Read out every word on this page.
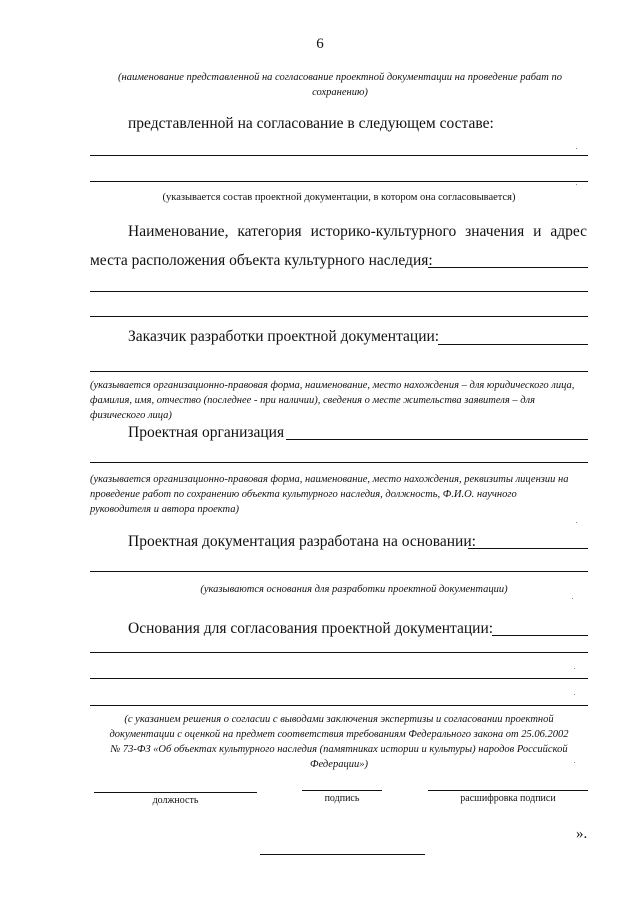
6
(наименование представленной на согласование проектной документации на проведение рабат по
сохранению)
представленной на согласование в следующем составе:
(указывается состав проектной документации, в котором она согласовывается)
Наименование, категория историко-культурного значения и адрес
места расположения объекта культурного наследия:
Заказчик разработки проектной документации:
(указывается организационно-правовая форма, наименование, место нахождения – для юридического лица,
фамилия, имя, отчество (последнее - при наличии), сведения о месте жительства заявителя – для
физического лица)
Проектная организация
(указывается организационно-правовая форма, наименование, место нахождения, реквизиты лицензии на
проведение работ по сохранению объекта культурного наследия, должность, Ф.И.О. научного
руководителя и автора проекта)
Проектная документация разработана на основании:
(указываются основания для разработки проектной документации)
Основания для согласования проектной документации:
(с указанием решения о согласии с выводами заключения экспертизы и согласовании проектной
документации с оценкой на предмет соответствия требованиям Федерального закона от 25.06.2002
№ 73-ФЗ «Об объектах культурного наследия (памятниках истории и культуры) народов Российской
Федерации»)
должность	подпись	расшифровка подписи
».
